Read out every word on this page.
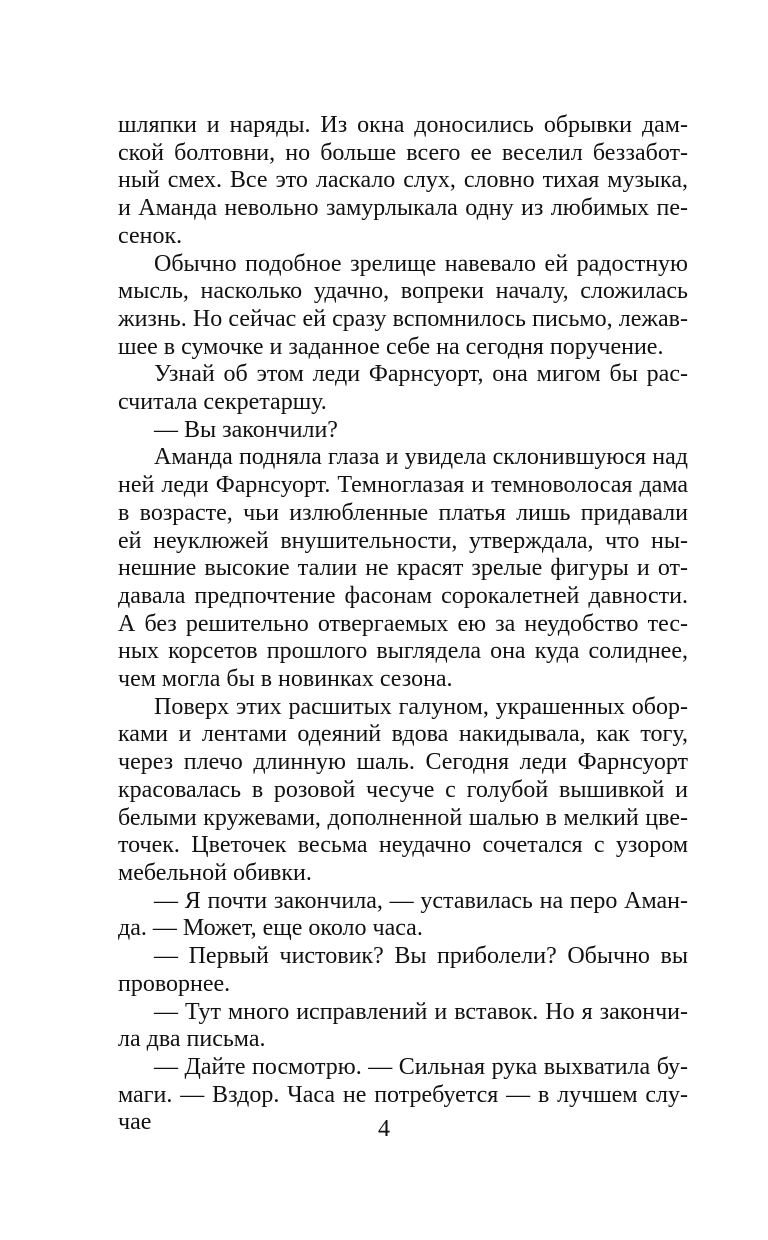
шляпки и наряды. Из окна доносились обрывки дамской болтовни, но больше всего ее веселил беззаботный смех. Все это ласкало слух, словно тихая музыка, и Аманда невольно замурлыкала одну из любимых песенок.

Обычно подобное зрелище навевало ей радостную мысль, насколько удачно, вопреки началу, сложилась жизнь. Но сейчас ей сразу вспомнилось письмо, лежавшее в сумочке и заданное себе на сегодня поручение.

Узнай об этом леди Фарнсуорт, она мигом бы рассчитала секретаршу.

— Вы закончили?

Аманда подняла глаза и увидела склонившуюся над ней леди Фарнсуорт. Темноглазая и темноволосая дама в возрасте, чьи излюбленные платья лишь придавали ей неуклюжей внушительности, утверждала, что нынешние высокие талии не красят зрелые фигуры и отдавала предпочтение фасонам сорокалетней давности. А без решительно отвергаемых ею за неудобство тесных корсетов прошлого выглядела она куда солиднее, чем могла бы в новинках сезона.

Поверх этих расшитых галуном, украшенных оборками и лентами одеяний вдова накидывала, как тогу, через плечо длинную шаль. Сегодня леди Фарнсуорт красовалась в розовой чесуче с голубой вышивкой и белыми кружевами, дополненной шалью в мелкий цветочек. Цветочек весьма неудачно сочетался с узором мебельной обивки.

— Я почти закончила, — уставилась на перо Аманда. — Может, еще около часа.

— Первый чистовик? Вы приболели? Обычно вы проворнее.

— Тут много исправлений и вставок. Но я закончила два письма.

— Дайте посмотрю. — Сильная рука выхватила бумаги. — Вздор. Часа не потребуется — в лучшем случае	4
